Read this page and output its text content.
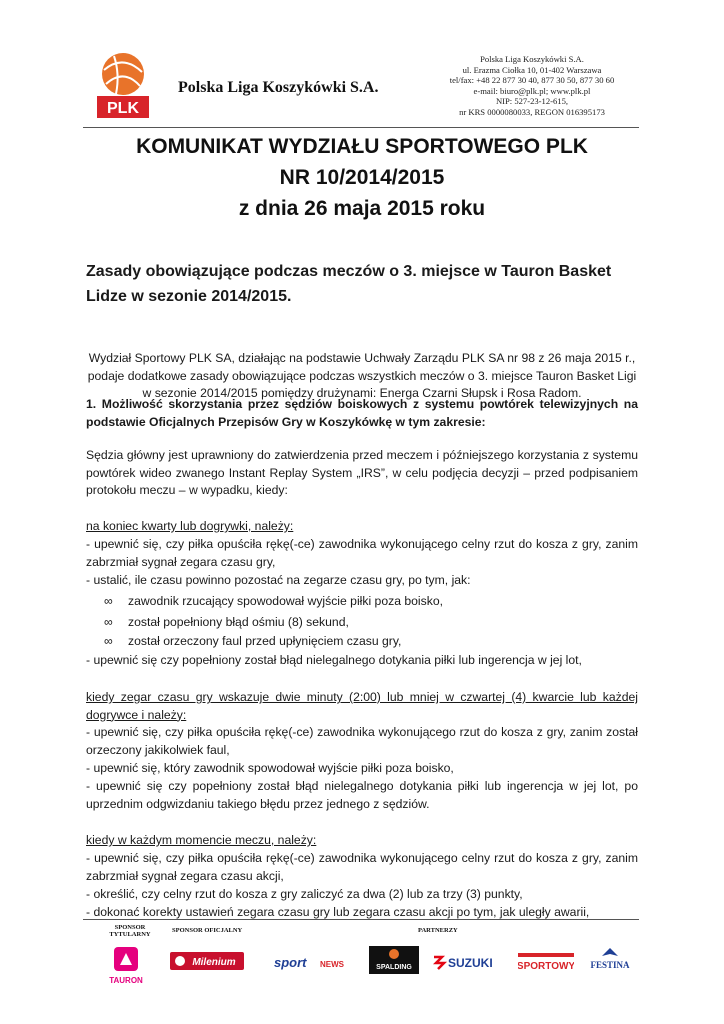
PLK
Polska Liga Koszykówki S.A.
Polska Liga Koszykówki S.A.
ul. Erazma Ciołka 10, 01-402 Warszawa
tel/fax: +48 22 877 30 40, 877 30 50, 877 30 60
e-mail: biuro@plk.pl; www.plk.pl
NIP: 527-23-12-615,
nr KRS 0000080033, REGON 016395173
KOMUNIKAT WYDZIAŁU SPORTOWEGO PLK
NR 10/2014/2015
z dnia 26 maja 2015 roku
Zasady obowiązujące podczas meczów o 3. miejsce w Tauron Basket Lidze w sezonie 2014/2015.
Wydział Sportowy PLK SA, działając na podstawie Uchwały Zarządu PLK SA nr 98 z 26 maja 2015 r., podaje dodatkowe zasady obowiązujące podczas wszystkich meczów o 3. miejsce Tauron Basket Ligi w sezonie 2014/2015 pomiędzy drużynami: Energa Czarni Słupsk i Rosa Radom.
1. Możliwość skorzystania przez sędziów boiskowych z systemu powtórek telewizyjnych na podstawie Oficjalnych Przepisów Gry w Koszykówkę w tym zakresie:
Sędzia główny jest uprawniony do zatwierdzenia przed meczem i późniejszego korzystania z systemu powtórek wideo zwanego Instant Replay System „IRS”, w celu podjęcia decyzji – przed podpisaniem protokołu meczu – w wypadku, kiedy:
na koniec kwarty lub dogrywki, należy:
- upewnić się, czy piłka opuściła rękę(-ce) zawodnika wykonującego celny rzut do kosza z gry, zanim zabrzmiał sygnał zegara czasu gry,
- ustalić, ile czasu powinno pozostać na zegarze czasu gry, po tym, jak:
∞ zawodnik rzucający spowodował wyjście piłki poza boisko,
∞ został popełniony błąd ośmiu (8) sekund,
∞ został orzeczony faul przed upłynięciem czasu gry,
- upewnić się czy popełniony został błąd nielegalnego dotykania piłki lub ingerencja w jej lot,
kiedy zegar czasu gry wskazuje dwie minuty (2:00) lub mniej w czwartej (4) kwarcie lub każdej dogrywce i należy:
- upewnić się, czy piłka opuściła rękę(-ce) zawodnika wykonującego rzut do kosza z gry, zanim został orzeczony jakikolwiek faul,
- upewnić się, który zawodnik spowodował wyjście piłki poza boisko,
- upewnić się czy popełniony został błąd nielegalnego dotykania piłki lub ingerencja w jej lot, po uprzednim odgwizdaniu takiego błędu przez jednego z sędziów.
kiedy w każdym momencie meczu, należy:
- upewnić się, czy piłka opuściła rękę(-ce) zawodnika wykonującego celny rzut do kosza z gry, zanim zabrzmiał sygnał zegara czasu akcji,
- określić, czy celny rzut do kosza z gry zaliczyć za dwa (2) lub za trzy (3) punkty,
- dokonać korekty ustawień zegara czasu gry lub zegara czasu akcji po tym, jak uległy awarii,
SPONSOR TYTULARNY
SPONSOR OFICJALNY	PARTNERZY
TAURON
Milenium	sport NEWS	SPALDING	SUZUKI SPORTOWY FESTINA
